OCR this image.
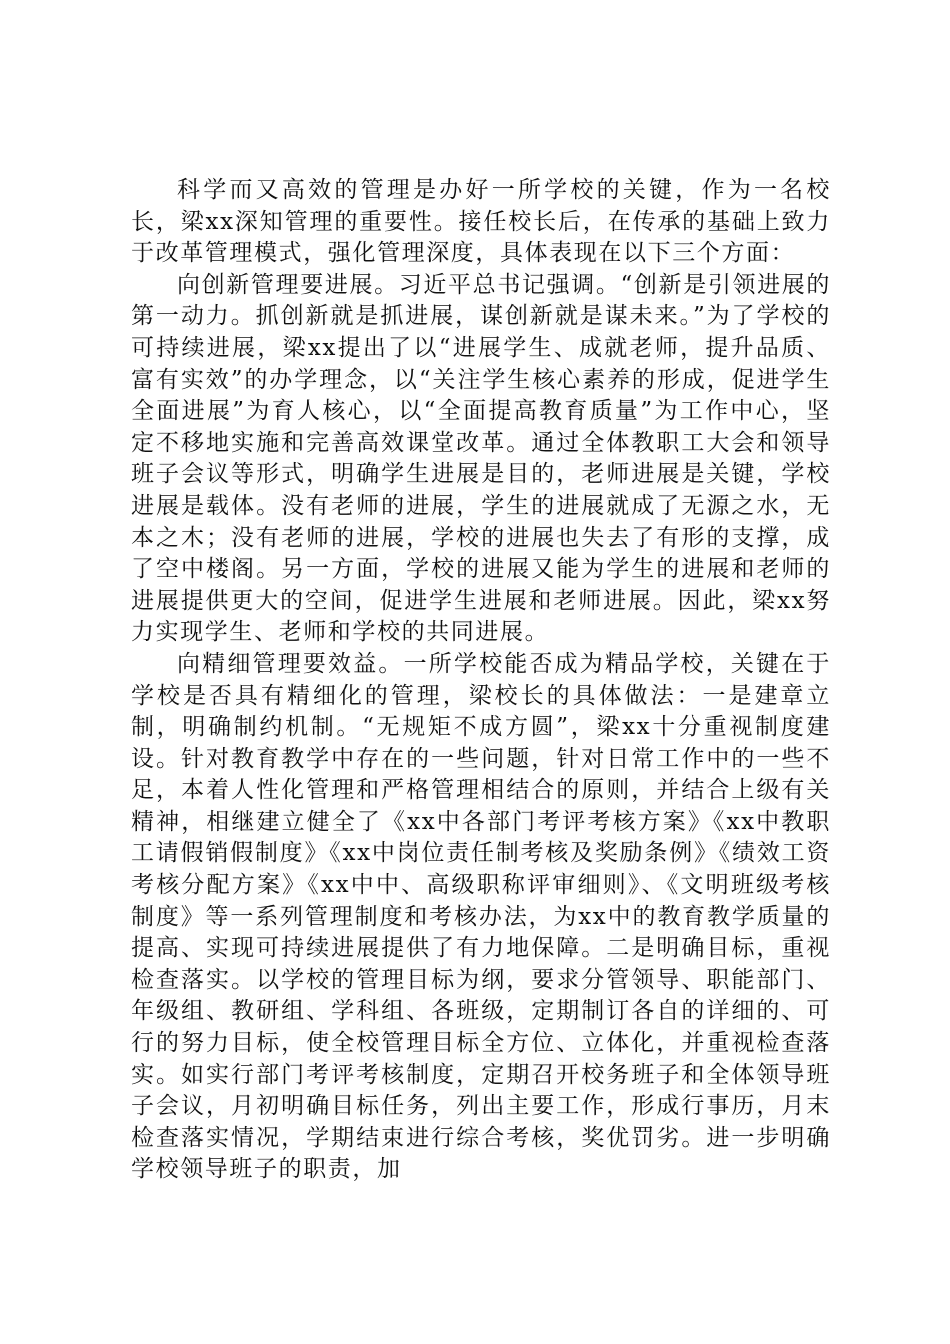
科学而又高效的管理是办好一所学校的关键，作为一名校长，梁xx深知管理的重要性。接任校长后，在传承的基础上致力于改革管理模式，强化管理深度，具体表现在以下三个方面：

向创新管理要进展。习近平总书记强调。“创新是引领进展的第一动力。抓创新就是抓进展，谋创新就是谋未来。”为了学校的可持续进展，梁xx提出了以“进展学生、成就老师，提升品质、富有实效”的办学理念，以“关注学生核心素养的形成，促进学生全面进展”为育人核心，以“全面提高教育质量”为工作中心，坚定不移地实施和完善高效课堂改革。通过全体教职工大会和领导班子会议等形式，明确学生进展是目的，老师进展是关键，学校进展是载体。没有老师的进展，学生的进展就成了无源之水，无本之木；没有老师的进展，学校的进展也失去了有形的支撑，成了空中楼阁。另一方面，学校的进展又能为学生的进展和老师的进展提供更大的空间，促进学生进展和老师进展。因此，梁xx努力实现学生、老师和学校的共同进展。

向精细管理要效益。一所学校能否成为精品学校，关键在于学校是否具有精细化的管理，梁校长的具体做法：一是建章立制，明确制约机制。“无规矩不成方圆”，梁xx十分重视制度建设。针对教育教学中存在的一些问题，针对日常工作中的一些不足，本着人性化管理和严格管理相结合的原则，并结合上级有关精神，相继建立健全了《xx中各部门考评考核方案》《xx中教职工请假销假制度》《xx中岗位责任制考核及奖励条例》《绩效工资考核分配方案》《xx中中、高级职称评审细则》、《文明班级考核制度》等一系列管理制度和考核办法，为xx中的教育教学质量的提高、实现可持续进展提供了有力地保障。二是明确目标，重视检查落实。以学校的管理目标为纲，要求分管领导、职能部门、年级组、教研组、学科组、各班级，定期制订各自的详细的、可行的努力目标，使全校管理目标全方位、立体化，并重视检查落实。如实行部门考评考核制度，定期召开校务班子和全体领导班子会议，月初明确目标任务，列出主要工作，形成行事历，月末检查落实情况，学期结束进行综合考核，奖优罚劣。进一步明确学校领导班子的职责，加
